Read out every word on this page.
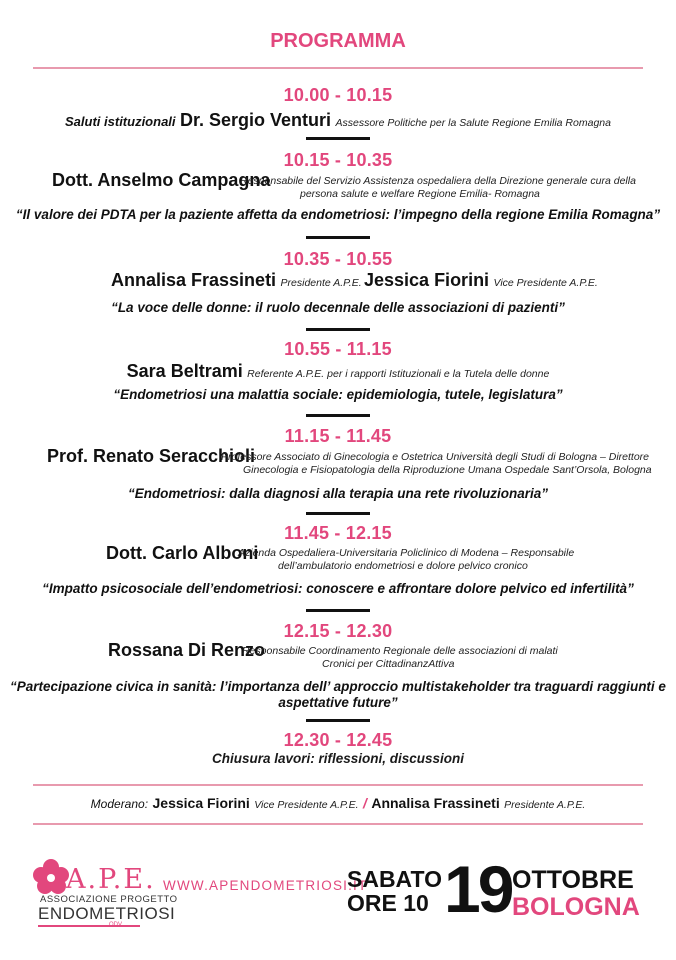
PROGRAMMA
10.00 - 10.15
Saluti istituzionali Dr. Sergio Venturi Assessore Politiche per la Salute Regione Emilia Romagna
10.15 - 10.35
Dott. Anselmo Campagna
Responsabile del Servizio Assistenza ospedaliera della Direzione generale cura della
persona salute e welfare Regione Emilia- Romagna
“Il valore dei PDTA per la paziente affetta da endometriosi: l’impegno della regione Emilia Romagna”
10.35 - 10.55
Annalisa Frassineti Presidente A.P.E. Jessica Fiorini Vice Presidente A.P.E.
“La voce delle donne: il ruolo decennale delle associazioni di pazienti”
10.55 - 11.15
Sara Beltrami Referente A.P.E. per i rapporti Istituzionali e la Tutela delle donne
“Endometriosi una malattia sociale: epidemiologia, tutele, legislatura”
11.15 - 11.45
Prof. Renato Seracchioli
Professore Associato di Ginecologia e Ostetrica Università degli Studi di Bologna – Direttore
Ginecologia e Fisiopatologia della Riproduzione Umana Ospedale Sant’Orsola, Bologna
“Endometriosi: dalla diagnosi alla terapia una rete rivoluzionaria”
11.45 - 12.15
Dott. Carlo Alboni
Azienda Ospedaliera-Universitaria Policlinico di Modena – Responsabile
dell’ambulatorio endometriosi e dolore pelvico cronico
“Impatto psicosociale dell’endometriosi: conoscere e affrontare dolore pelvico ed infertilità”
12.15 - 12.30
Rossana Di Renzo
Responsabile Coordinamento Regionale delle associazioni di malati
Cronici per CittadinanzAttiva
“Partecipazione civica in sanità: l’importanza dell’ approccio multistakeholder tra traguardi raggiunti e
aspettative future”
12.30 - 12.45
Chiusura lavori: riflessioni, discussioni
Moderano: Jessica Fiorini Vice Presidente A.P.E. / Annalisa Frassineti Presidente A.P.E.
A.P.E.
ASSOCIAZIONE PROGETTO
ENDOMETRIOSI
ODV
WWW.APENDOMETRIOSI.IT
SABATO
ORE 10 19 OTTOBRE
BOLOGNA
